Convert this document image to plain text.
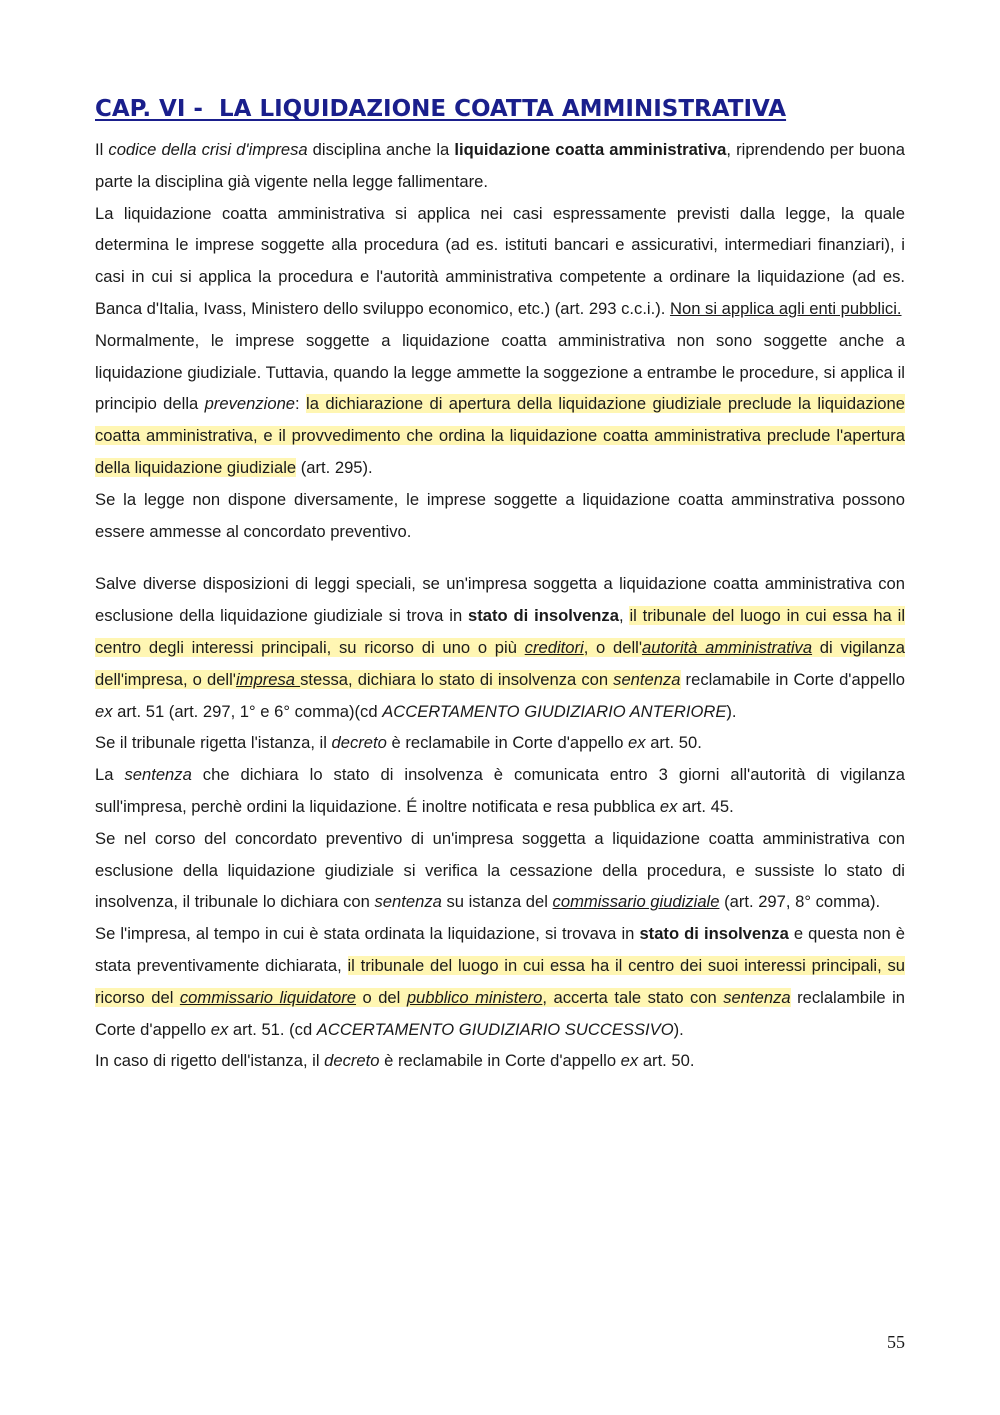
CAP. VI -  LA LIQUIDAZIONE COATTA AMMINISTRATIVA

Il codice della crisi d'impresa disciplina anche la liquidazione coatta amministrativa, riprendendo per buona parte la disciplina già vigente nella legge fallimentare.

La liquidazione coatta amministrativa si applica nei casi espressamente previsti dalla legge, la quale determina le imprese soggette alla procedura (ad es. istituti bancari e assicurativi, intermediari finanziari), i casi in cui si applica la procedura e l'autorità amministrativa competente a ordinare la liquidazione (ad es. Banca d'Italia, Ivass, Ministero dello sviluppo economico, etc.) (art. 293 c.c.i.). Non si applica agli enti pubblici.

Normalmente, le imprese soggette a liquidazione coatta amministrativa non sono soggette anche a liquidazione giudiziale. Tuttavia, quando la legge ammette la soggezione a entrambe le procedure, si applica il principio della prevenzione: la dichiarazione di apertura della liquidazione giudiziale preclude la liquidazione coatta amministrativa, e il provvedimento che ordina la liquidazione coatta amministrativa preclude l'apertura della liquidazione giudiziale (art. 295).

Se la legge non dispone diversamente, le imprese soggette a liquidazione coatta amminstrativa possono essere ammesse al concordato preventivo.

Salve diverse disposizioni di leggi speciali, se un'impresa soggetta a liquidazione coatta amministrativa con esclusione della liquidazione giudiziale si trova in stato di insolvenza, il tribunale del luogo in cui essa ha il centro degli interessi principali, su ricorso di uno o più creditori, o dell'autorità amministrativa di vigilanza dell'impresa, o dell'impresa stessa, dichiara lo stato di insolvenza con sentenza reclamabile in Corte d'appello ex art. 51 (art. 297, 1° e 6° comma)(cd ACCERTAMENTO GIUDIZIARIO ANTERIORE).

Se il tribunale rigetta l'istanza, il decreto è reclamabile in Corte d'appello ex art. 50.

La sentenza che dichiara lo stato di insolvenza è comunicata entro 3 giorni all'autorità di vigilanza sull'impresa, perchè ordini la liquidazione. É inoltre notificata e resa pubblica ex art. 45.

Se nel corso del concordato preventivo di un'impresa soggetta a liquidazione coatta amministrativa con esclusione della liquidazione giudiziale si verifica la cessazione della procedura, e sussiste lo stato di insolvenza, il tribunale lo dichiara con sentenza su istanza del commissario giudiziale (art. 297, 8° comma).

Se l'impresa, al tempo in cui è stata ordinata la liquidazione, si trovava in stato di insolvenza e questa non è stata preventivamente dichiarata, il tribunale del luogo in cui essa ha il centro dei suoi interessi principali, su ricorso del commissario liquidatore o del pubblico ministero, accerta tale stato con sentenza reclalambile in Corte d'appello ex art. 51. (cd ACCERTAMENTO GIUDIZIARIO SUCCESSIVO).

In caso di rigetto dell'istanza, il decreto è reclamabile in Corte d'appello ex art. 50.

55
